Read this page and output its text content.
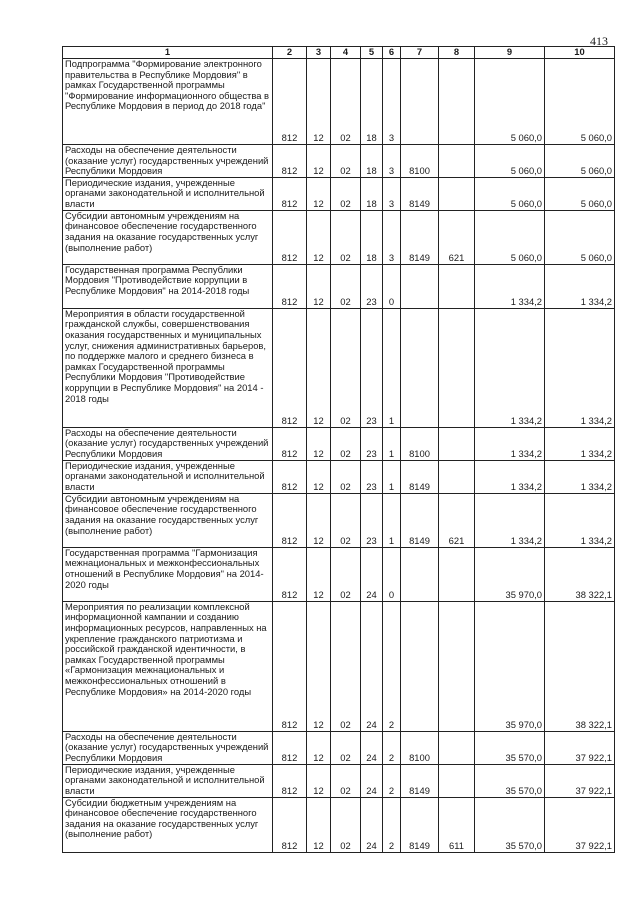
413
1	2	3	4	5	6	7	8	9	10
Подпрограмма "Формирование электронного правительства в Республике Мордовия" в рамках Государственной программы "Формирование информационного общества в Республике Мордовия в период до 2018 года"	812	12	02	18	3			5 060,0	5 060,0
Расходы на обеспечение деятельности (оказание услуг) государственных учреждений Республики Мордовия	812	12	02	18	3	8100		5 060,0	5 060,0
Периодические издания, учрежденные органами законодательной и исполнительной власти	812	12	02	18	3	8149		5 060,0	5 060,0
Субсидии автономным учреждениям на финансовое обеспечение государственного задания на оказание государственных услуг (выполнение работ)	812	12	02	18	3	8149	621	5 060,0	5 060,0
Государственная программа Республики Мордовия "Противодействие коррупции в Республике Мордовия" на 2014-2018 годы	812	12	02	23	0			1 334,2	1 334,2
Мероприятия в области государственной гражданской службы, совершенствования оказания государственных и муниципальных услуг, снижения административных барьеров, по поддержке малого и среднего бизнеса в рамках Государственной программы Республики Мордовия "Противодействие коррупции в Республике Мордовия" на 2014 - 2018 годы	812	12	02	23	1			1 334,2	1 334,2
Расходы на обеспечение деятельности (оказание услуг) государственных учреждений Республики Мордовия	812	12	02	23	1	8100		1 334,2	1 334,2
Периодические издания, учрежденные органами законодательной и исполнительной власти	812	12	02	23	1	8149		1 334,2	1 334,2
Субсидии автономным учреждениям на финансовое обеспечение государственного задания на оказание государственных услуг (выполнение работ)	812	12	02	23	1	8149	621	1 334,2	1 334,2
Государственная программа "Гармонизация межнациональных и межконфессиональных отношений в Республике Мордовия" на 2014-2020 годы	812	12	02	24	0			35 970,0	38 322,1
Мероприятия по реализации комплексной информационной кампании и созданию информационных ресурсов, направленных на укрепление гражданского патриотизма и российской гражданской идентичности, в рамках Государственной программы «Гармонизация межнациональных и межконфессиональных отношений в Республике Мордовия» на 2014-2020 годы	812	12	02	24	2			35 970,0	38 322,1
Расходы на обеспечение деятельности (оказание услуг) государственных учреждений Республики Мордовия	812	12	02	24	2	8100		35 570,0	37 922,1
Периодические издания, учрежденные органами законодательной и исполнительной власти	812	12	02	24	2	8149		35 570,0	37 922,1
Субсидии бюджетным учреждениям на финансовое обеспечение государственного задания на оказание государственных услуг (выполнение работ)	812	12	02	24	2	8149	611	35 570,0	37 922,1
